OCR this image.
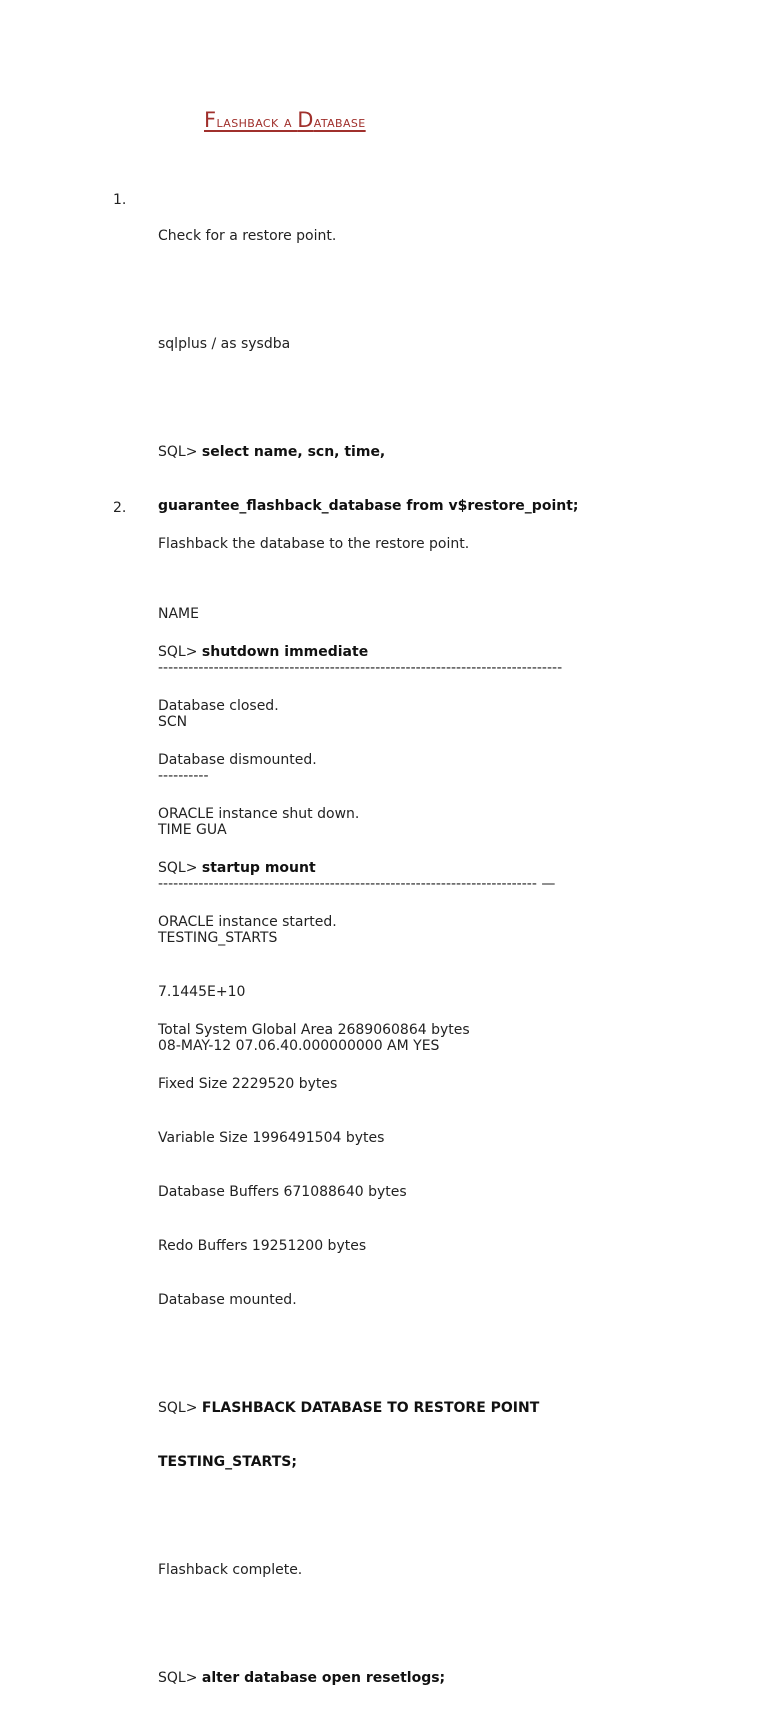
Flashback a Database
1.

Check for a restore point.

sqlplus / as sysdba

SQL> select name, scn, time,

guarantee_flashback_database from v$restore_point;

NAME

--------------------------------------------------------------------------------

SCN

----------

TIME GUA

--------------------------------------------------------------------------- —

TESTING_STARTS

7.1445E+10

08-MAY-12 07.06.40.000000000 AM YES

2.

Flashback the database to the restore point.

SQL> shutdown immediate

Database closed.

Database dismounted.

ORACLE instance shut down.

SQL> startup mount

ORACLE instance started.

Total System Global Area 2689060864 bytes

Fixed Size 2229520 bytes

Variable Size 1996491504 bytes

Database Buffers 671088640 bytes

Redo Buffers 19251200 bytes

Database mounted.

SQL> FLASHBACK DATABASE TO RESTORE POINT

TESTING_STARTS;

Flashback complete.

SQL> alter database open resetlogs;
